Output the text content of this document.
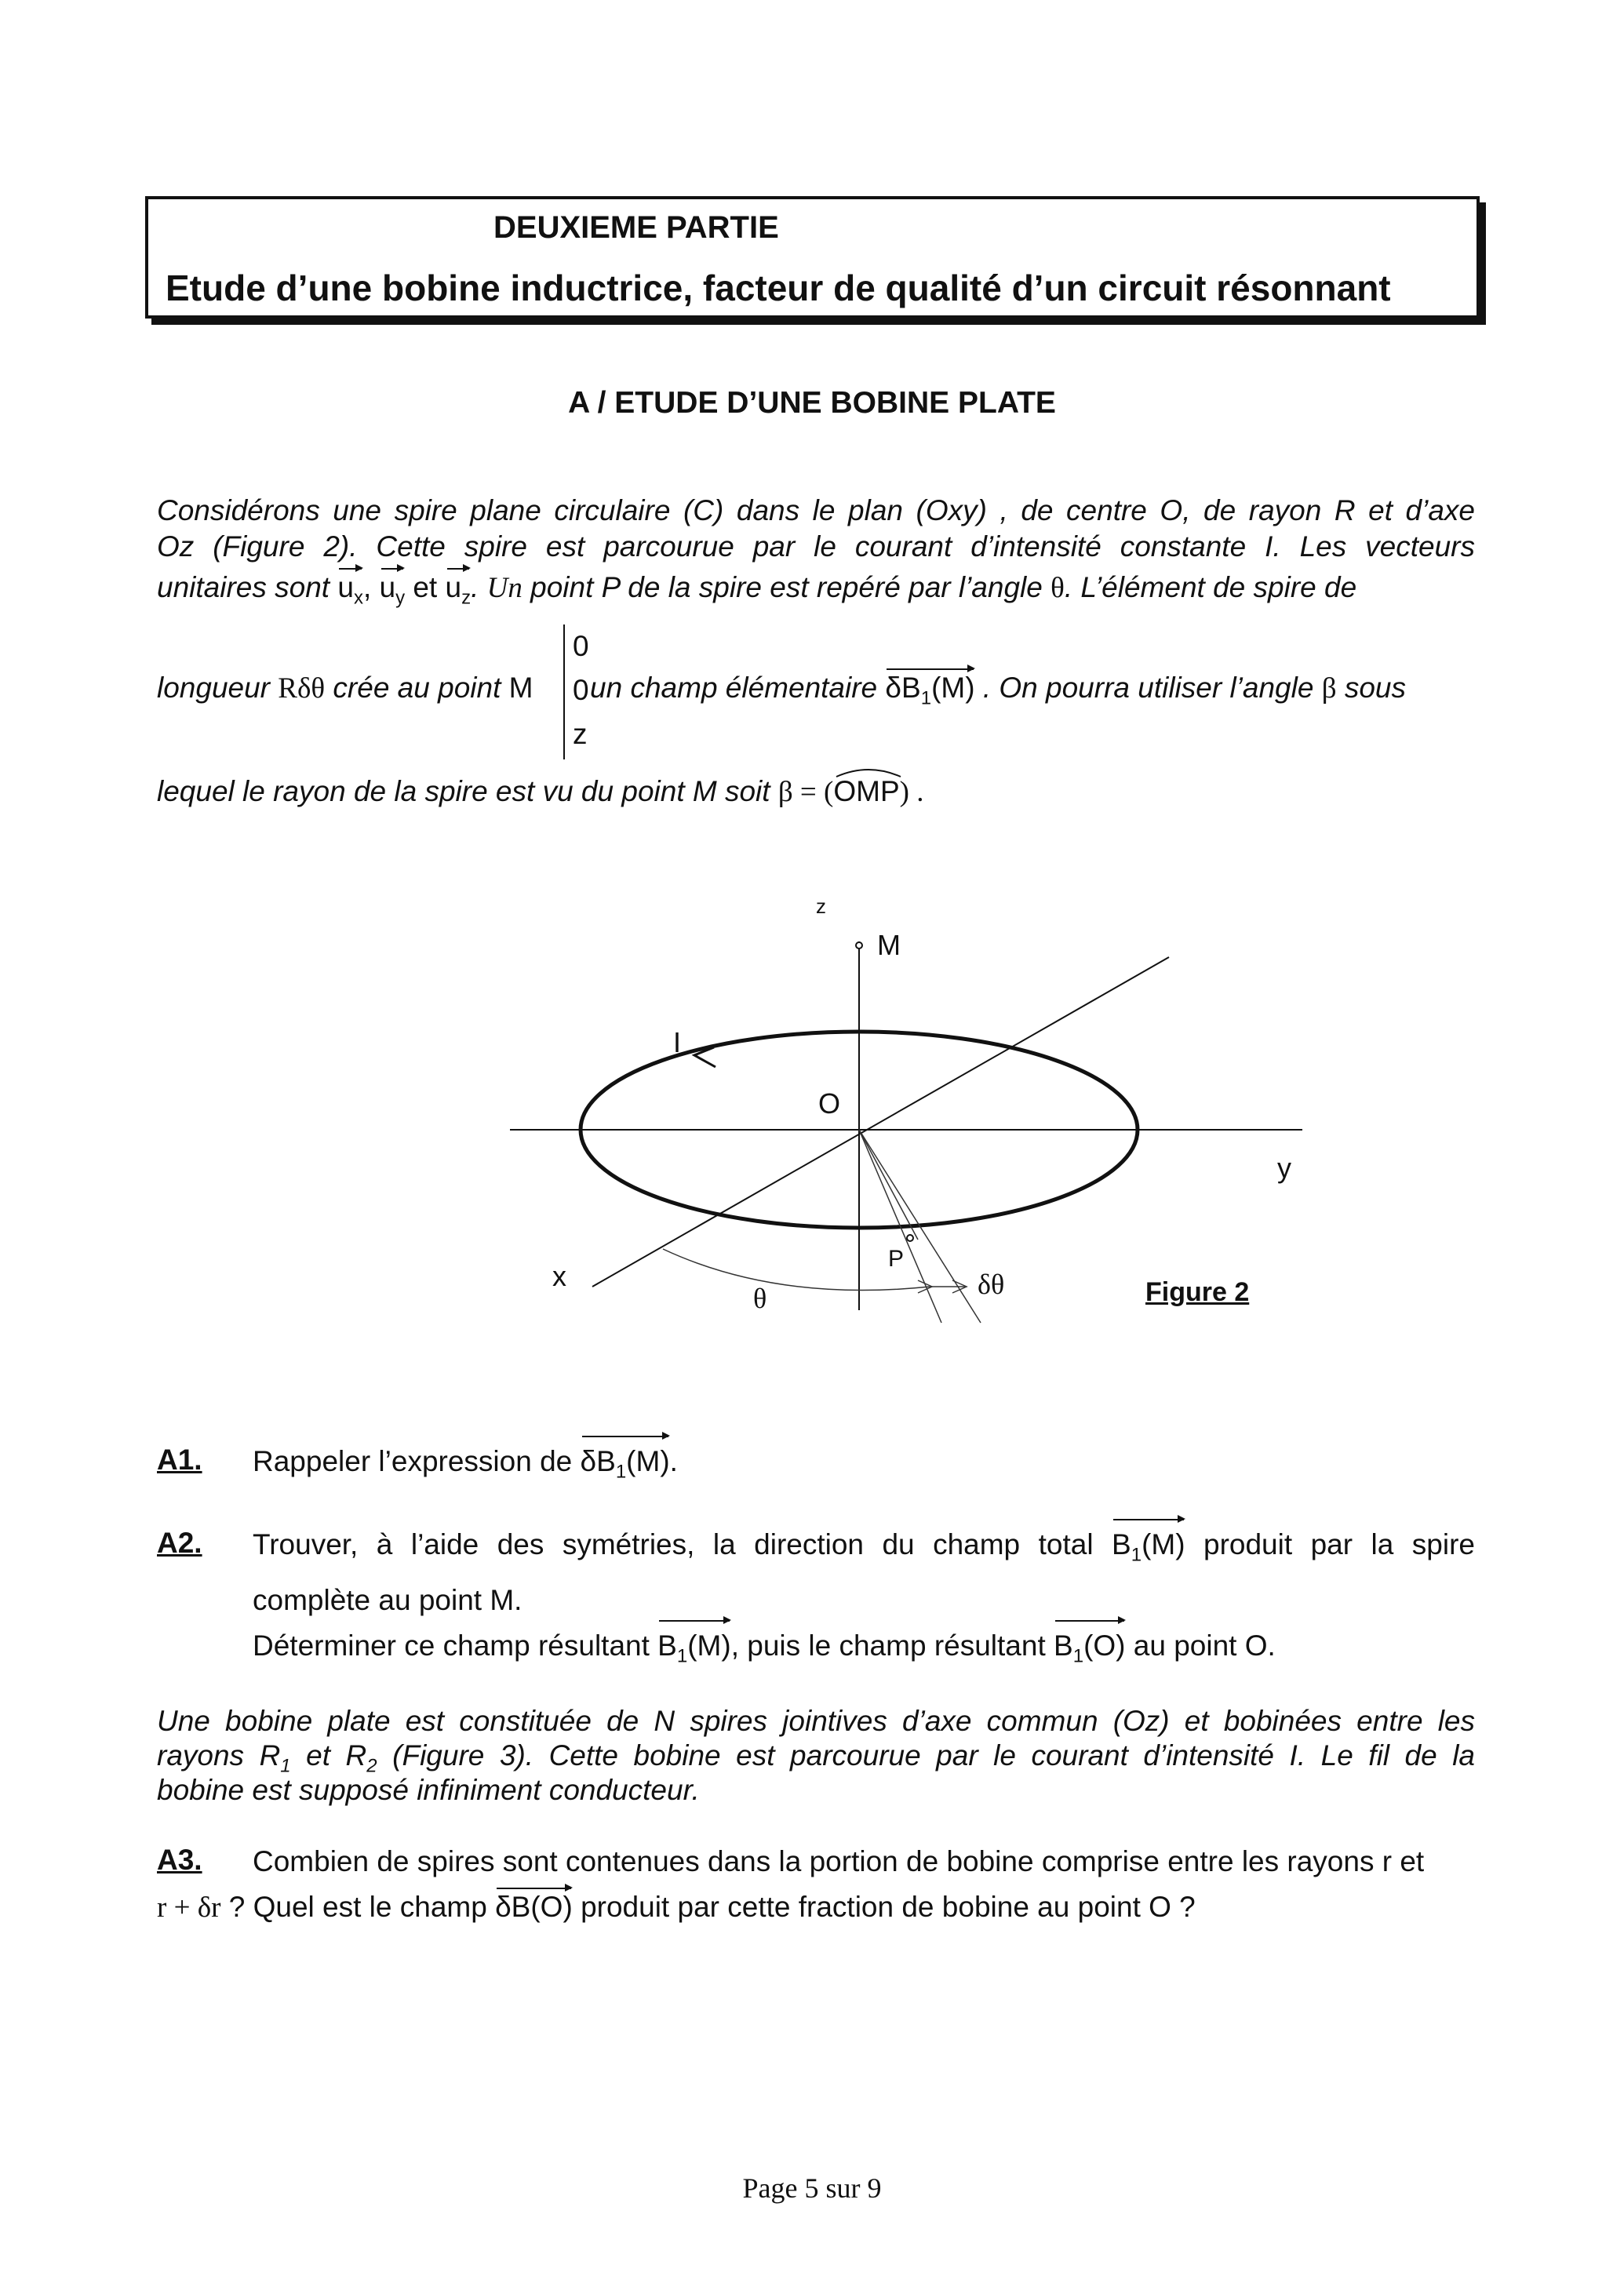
DEUXIEME PARTIE
Etude d’une bobine inductrice, facteur de qualité d’un circuit résonnant
A / ETUDE D’UNE BOBINE PLATE
Considérons une spire plane circulaire (C) dans le plan (Oxy) , de centre O, de rayon R et d’axe
Oz (Figure 2). Cette spire est parcourue par le courant d’intensité constante I. Les vecteurs
unitaires sont $u_x$, $u_y$ et $u_z$. Un point P de la spire est repéré par l’angle θ. L’élément de spire de
0
0
z
longueur Rδθ crée au point M un champ élémentaire $\delta B_1(M)$ . On pourra utiliser l’angle β sous
lequel le rayon de la spire est vu du point M soit β = (OMP
) .
z
M
I
O
y
x
P
θ	δθ	Figure 2
A1. Rappeler l’expression de $\delta B_1(M)$.
A2. Trouver, à l’aide des symétries, la direction du champ total $B_1(M)$ produit par la spire
complète au point M.
Déterminer ce champ résultant $B_1(M)$, puis le champ résultant $B_1(O)$ au point O.
Une bobine plate est constituée de N spires jointives d’axe commun (Oz) et bobinées entre les
rayons $R_1$ et $R_2$ (Figure 3). Cette bobine est parcourue par le courant d’intensité I. Le fil de la
bobine est supposé infiniment conducteur.
A3. Combien de spires sont contenues dans la portion de bobine comprise entre les rayons r et
r + δr ? Quel est le champ δB(O) produit par cette fraction de bobine au point O ?
Page 5 sur 9
